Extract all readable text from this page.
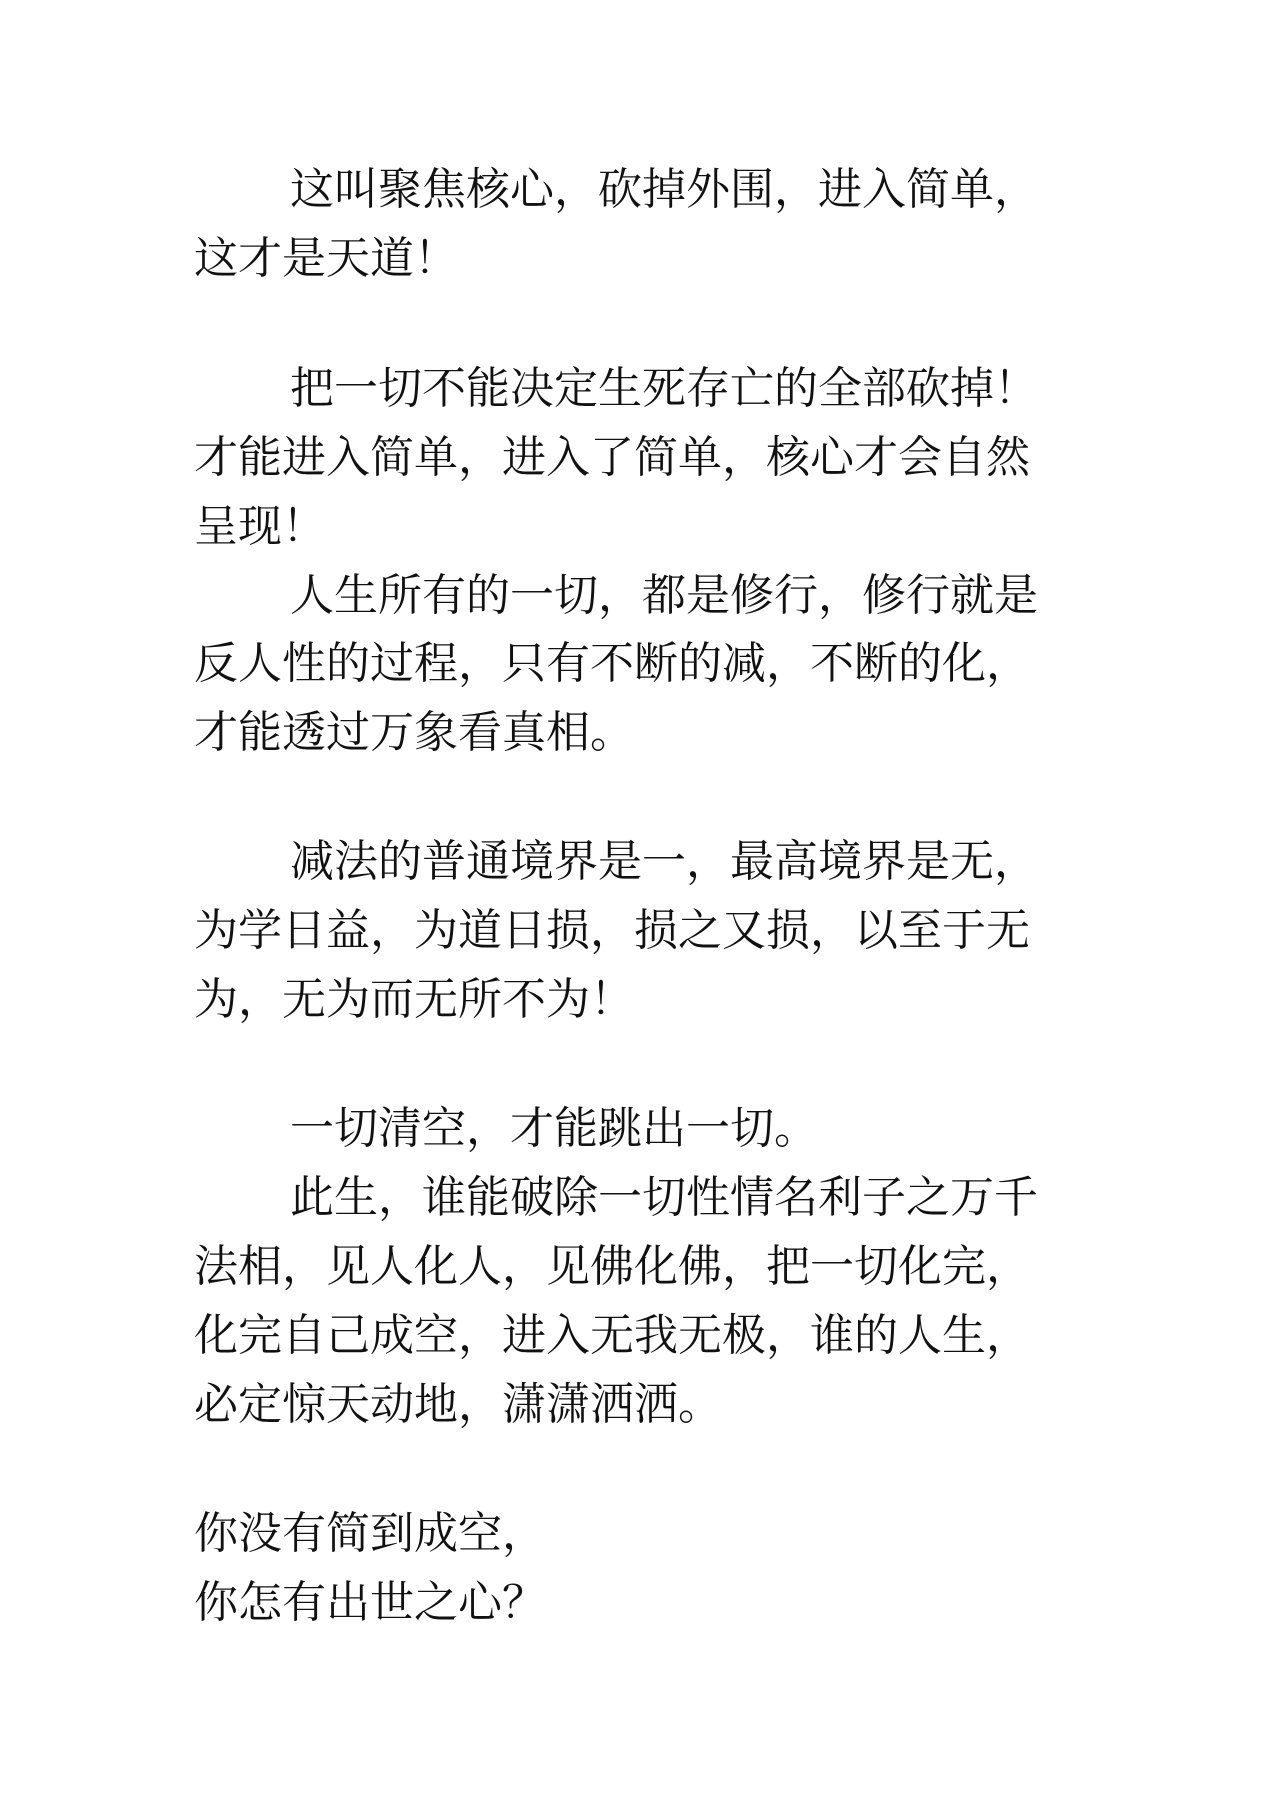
这叫聚焦核心，砍掉外围，进入简单，

这才是天道！

把一切不能决定生死存亡的全部砍掉！

才能进入简单，进入了简单，核心才会自然

呈现！

人生所有的一切，都是修行，修行就是

反人性的过程，只有不断的减，不断的化，

才能透过万象看真相。

减法的普通境界是一，最高境界是无，

为学日益，为道日损，损之又损，以至于无

为，无为而无所不为！

一切清空，才能跳出一切。

此生，谁能破除一切性情名利子之万千

法相，见人化人，见佛化佛，把一切化完，

化完自己成空，进入无我无极，谁的人生，

必定惊天动地，潇潇洒洒。

你没有简到成空，

你怎有出世之心？
